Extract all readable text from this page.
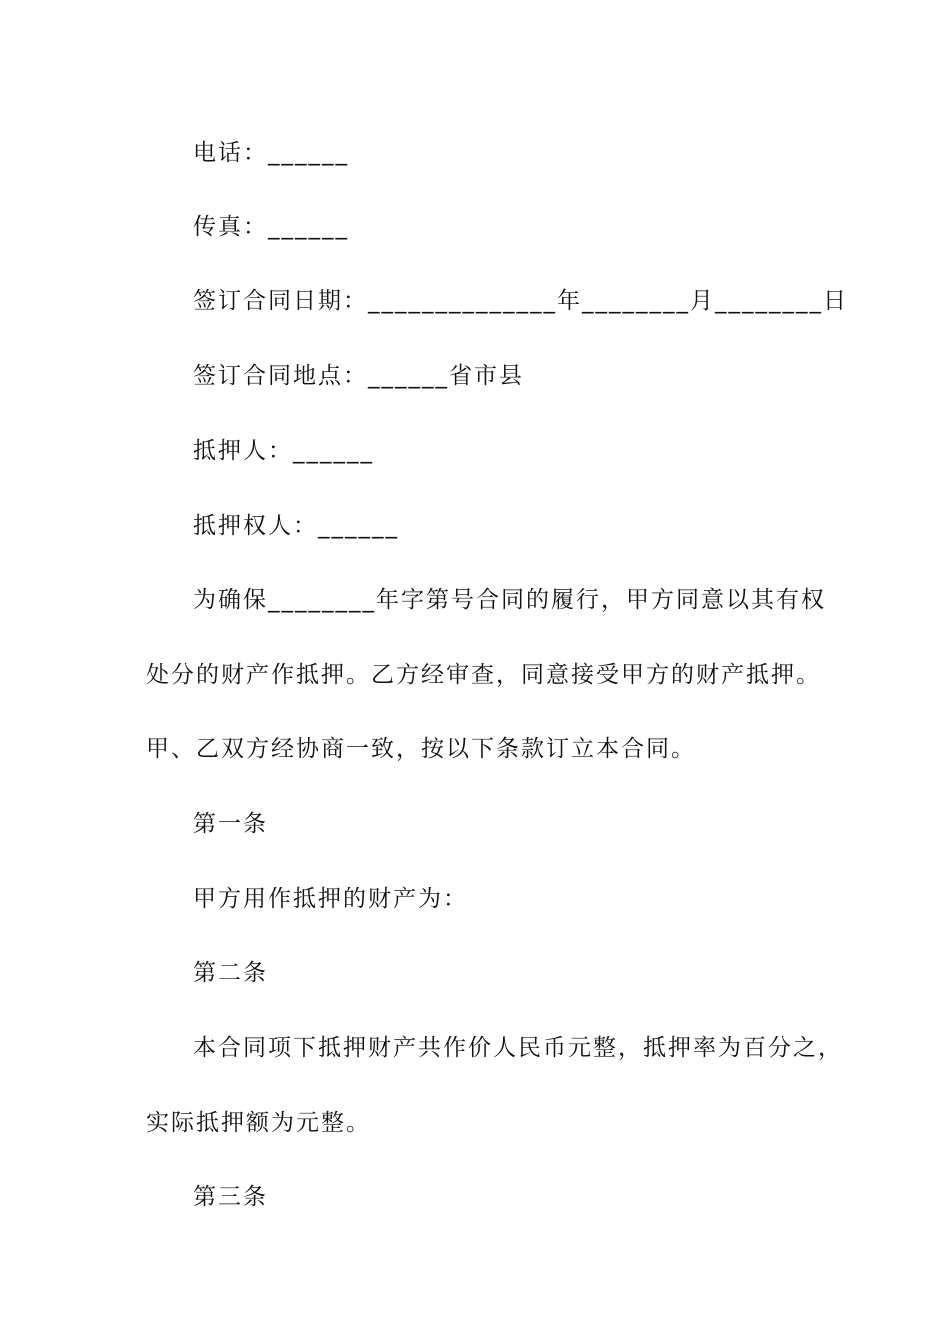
电话：______
传真：______
签订合同日期：______________年________月________日
签订合同地点：______省市县
抵押人：______
抵押权人：______
为确保________年字第号合同的履行，甲方同意以其有权
处分的财产作抵押。乙方经审查，同意接受甲方的财产抵押。
甲、乙双方经协商一致，按以下条款订立本合同。
第一条
甲方用作抵押的财产为：
第二条
本合同项下抵押财产共作价人民币元整，抵押率为百分之，
实际抵押额为元整。
第三条
